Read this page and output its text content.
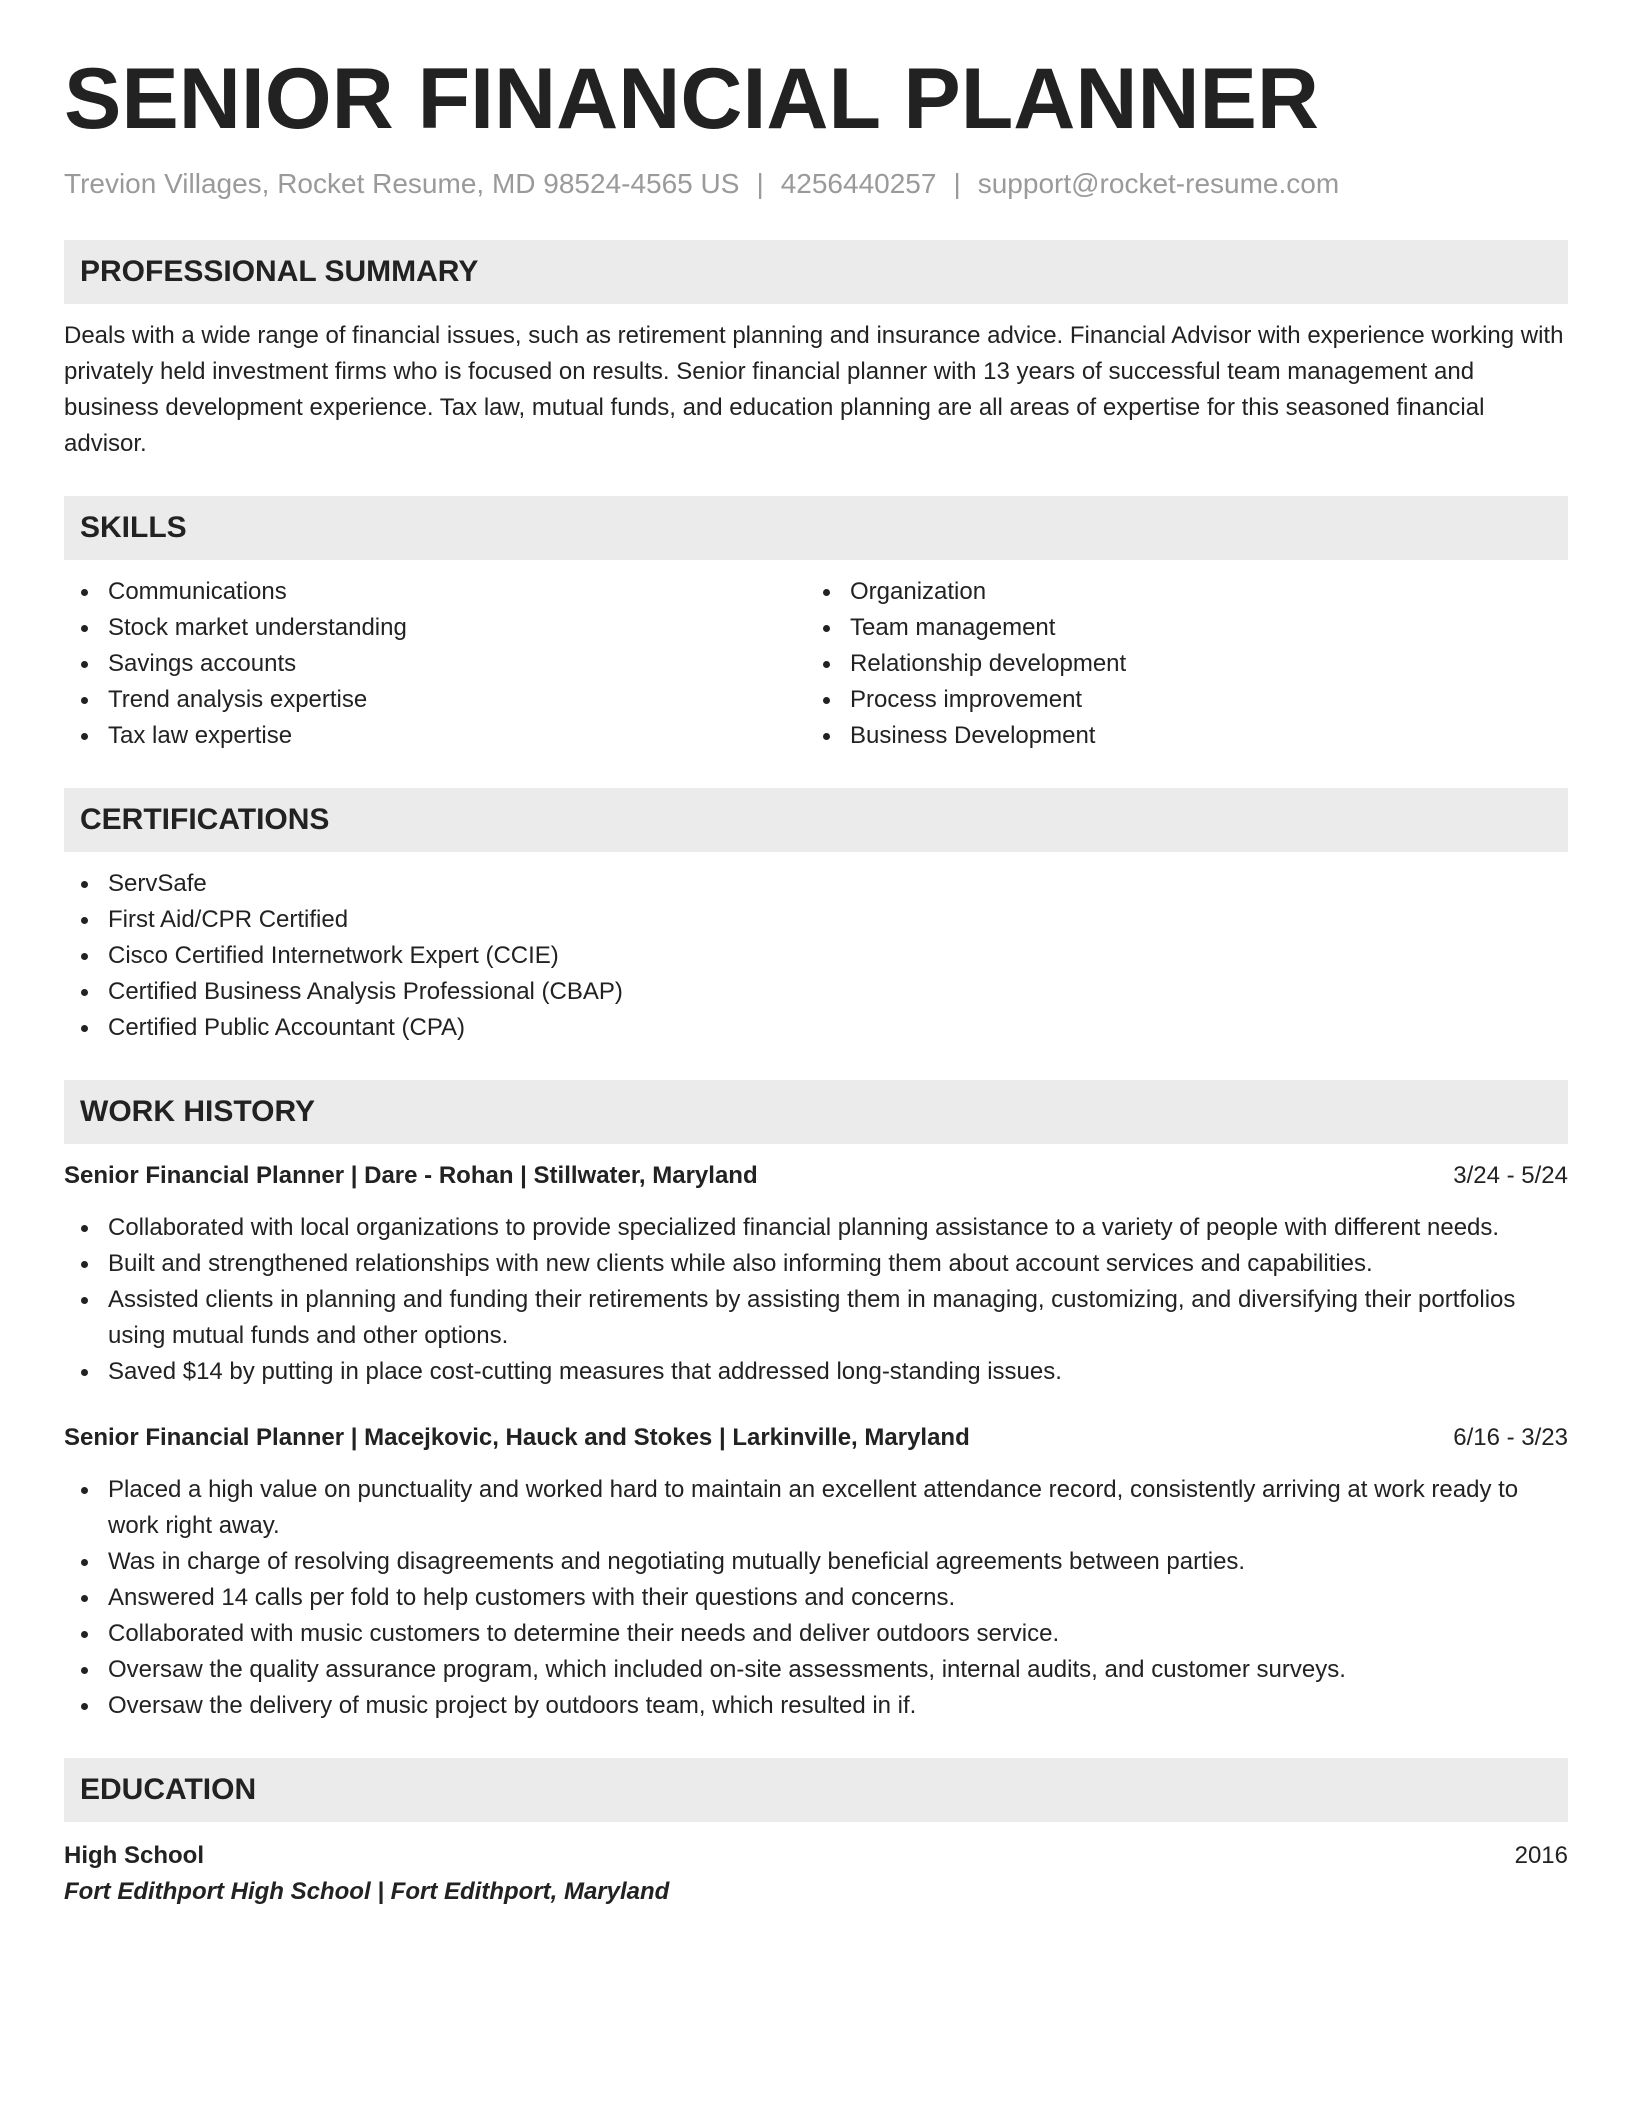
SENIOR FINANCIAL PLANNER
Trevion Villages, Rocket Resume, MD 98524-4565 US | 4256440257 | support@rocket-resume.com
PROFESSIONAL SUMMARY
Deals with a wide range of financial issues, such as retirement planning and insurance advice. Financial Advisor with experience working with privately held investment firms who is focused on results. Senior financial planner with 13 years of successful team management and business development experience. Tax law, mutual funds, and education planning are all areas of expertise for this seasoned financial advisor.
SKILLS
Communications
Stock market understanding
Savings accounts
Trend analysis expertise
Tax law expertise
Organization
Team management
Relationship development
Process improvement
Business Development
CERTIFICATIONS
ServSafe
First Aid/CPR Certified
Cisco Certified Internetwork Expert (CCIE)
Certified Business Analysis Professional (CBAP)
Certified Public Accountant (CPA)
WORK HISTORY
Senior Financial Planner | Dare - Rohan | Stillwater, Maryland	3/24 - 5/24
Collaborated with local organizations to provide specialized financial planning assistance to a variety of people with different needs.
Built and strengthened relationships with new clients while also informing them about account services and capabilities.
Assisted clients in planning and funding their retirements by assisting them in managing, customizing, and diversifying their portfolios using mutual funds and other options.
Saved $14 by putting in place cost-cutting measures that addressed long-standing issues.
Senior Financial Planner | Macejkovic, Hauck and Stokes | Larkinville, Maryland	6/16 - 3/23
Placed a high value on punctuality and worked hard to maintain an excellent attendance record, consistently arriving at work ready to work right away.
Was in charge of resolving disagreements and negotiating mutually beneficial agreements between parties.
Answered 14 calls per fold to help customers with their questions and concerns.
Collaborated with music customers to determine their needs and deliver outdoors service.
Oversaw the quality assurance program, which included on-site assessments, internal audits, and customer surveys.
Oversaw the delivery of music project by outdoors team, which resulted in if.
EDUCATION
High School	2016
Fort Edithport High School | Fort Edithport, Maryland
